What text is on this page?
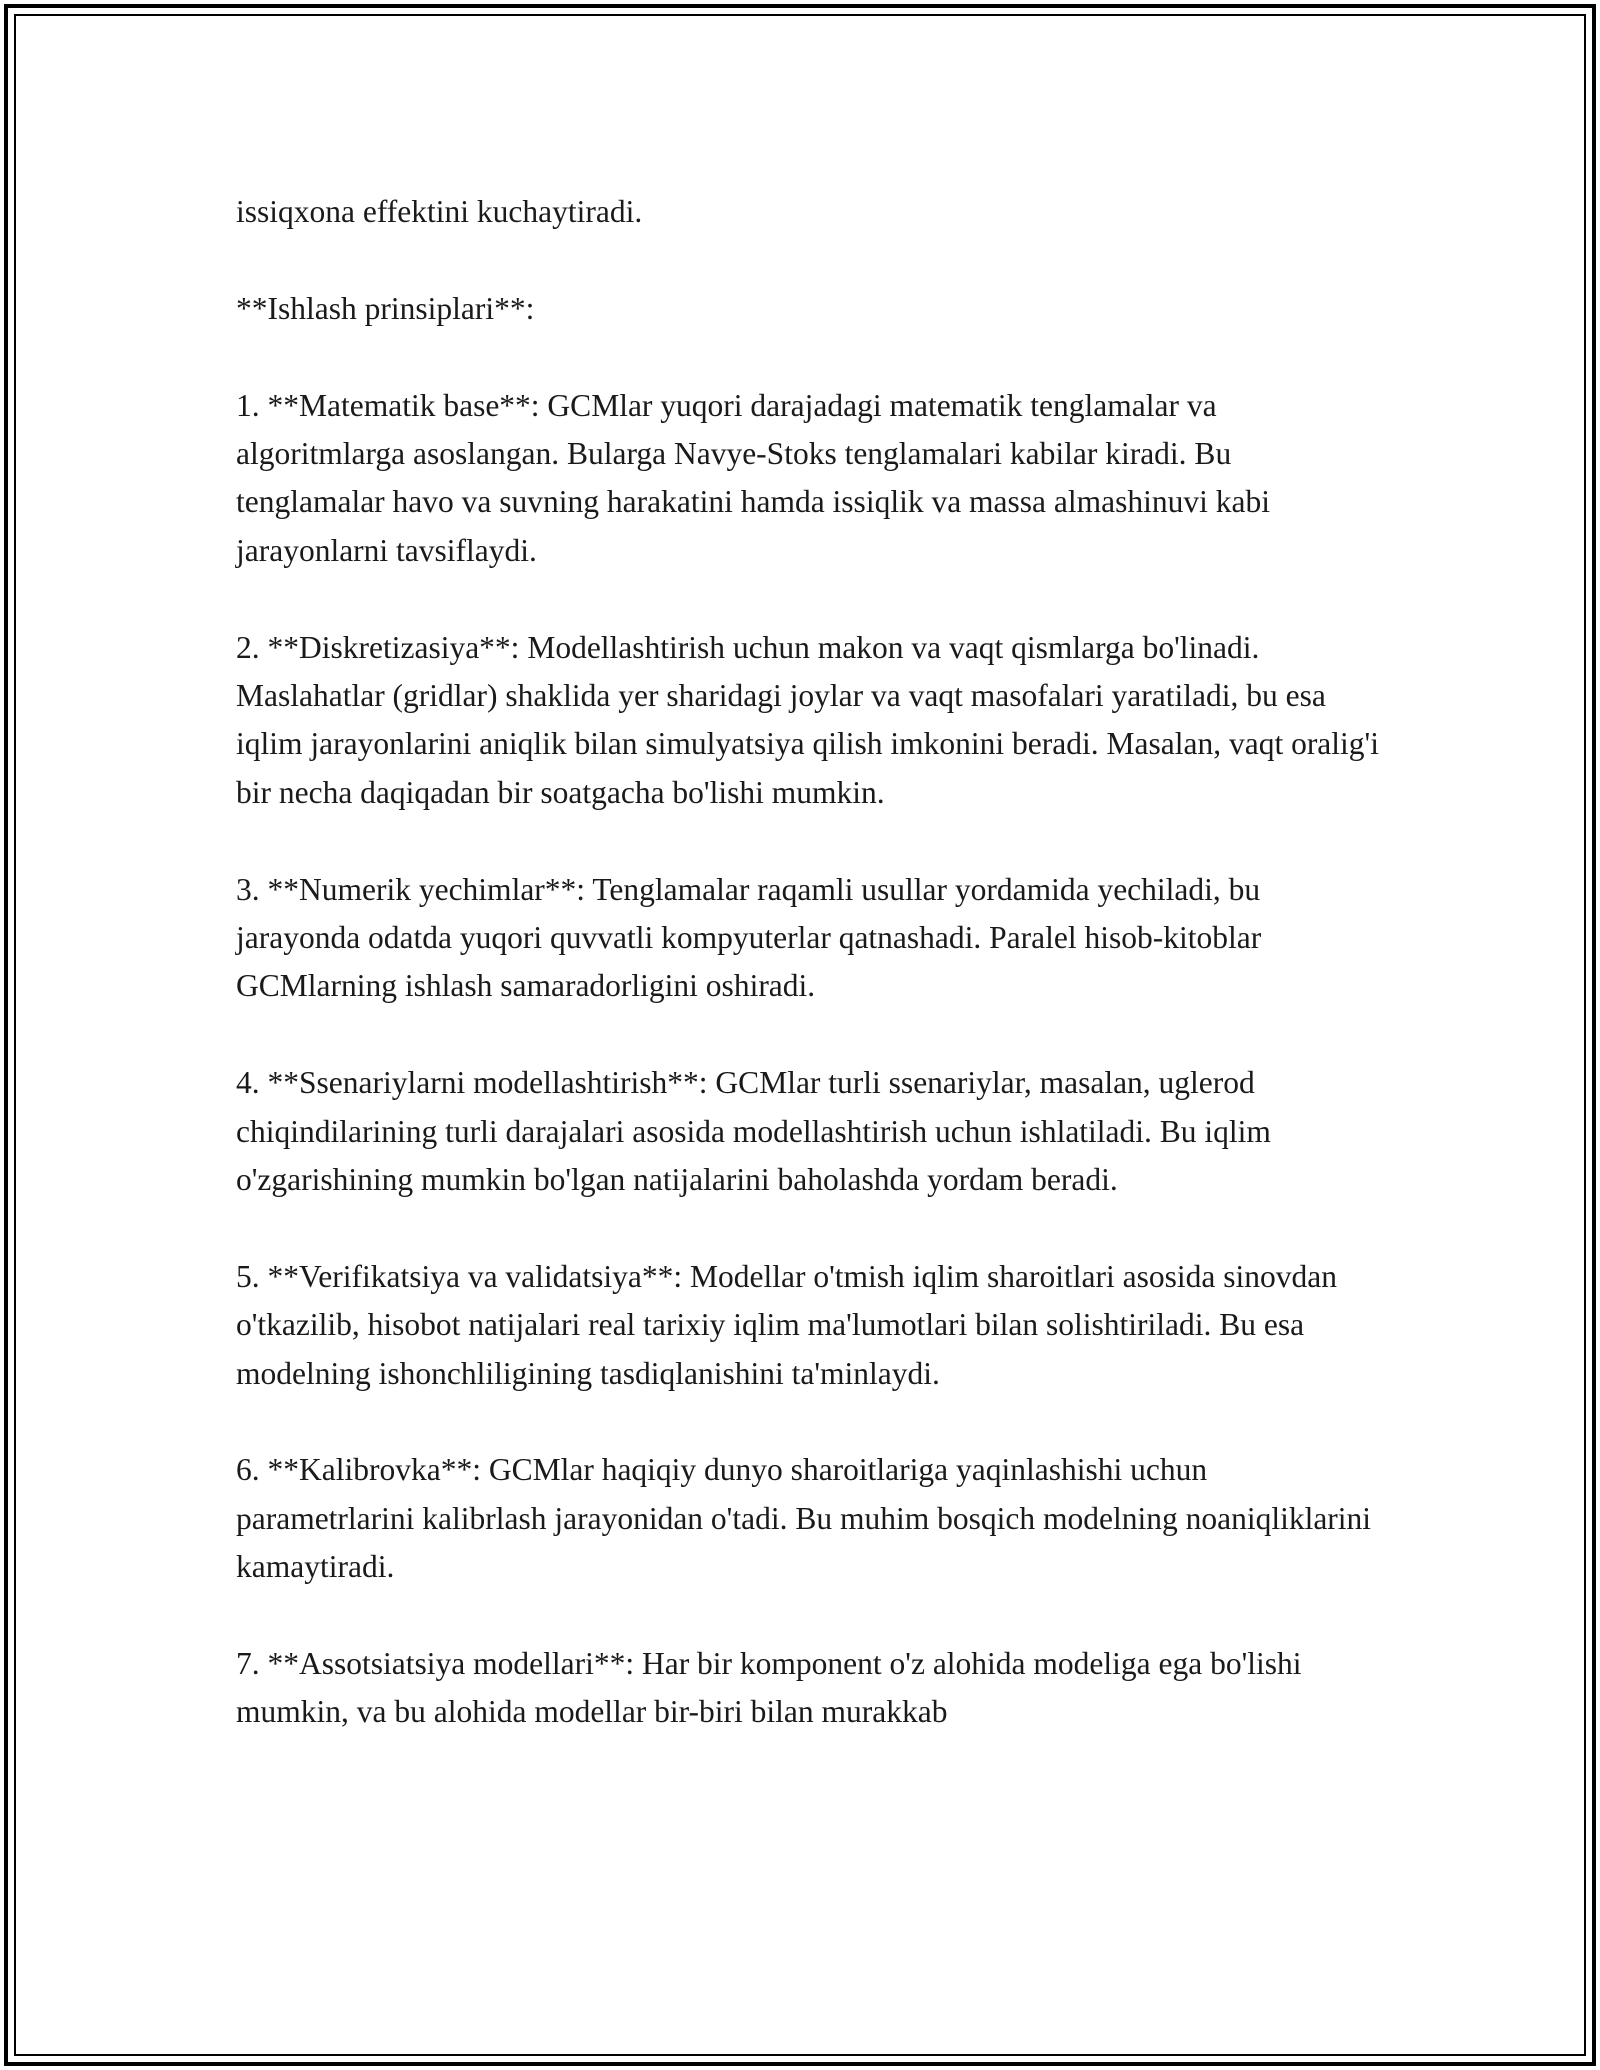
issiqxona effektini kuchaytiradi.

**Ishlash prinsiplari**:

1. **Matematik base**: GCMlar yuqori darajadagi matematik tenglamalar va algoritmlarga asoslangan. Bularga Navye-Stoks tenglamalari kabilar kiradi. Bu tenglamalar havo va suvning harakatini hamda issiqlik va massa almashinuvi kabi jarayonlarni tavsiflaydi.

2. **Diskretizasiya**: Modellashtirish uchun makon va vaqt qismlarga bo'linadi. Maslahatlar (gridlar) shaklida yer sharidagi joylar va vaqt masofalari yaratiladi, bu esa iqlim jarayonlarini aniqlik bilan simulyatsiya qilish imkonini beradi. Masalan, vaqt oralig'i bir necha daqiqadan bir soatgacha bo'lishi mumkin.

3. **Numerik yechimlar**: Tenglamalar raqamli usullar yordamida yechiladi, bu jarayonda odatda yuqori quvvatli kompyuterlar qatnashadi. Paralel hisob-kitoblar GCMlarning ishlash samaradorligini oshiradi.

4. **Ssenariylarni modellashtirish**: GCMlar turli ssenariylar, masalan, uglerod chiqindilarining turli darajalari asosida modellashtirish uchun ishlatiladi. Bu iqlim o'zgarishining mumkin bo'lgan natijalarini baholashda yordam beradi.

5. **Verifikatsiya va validatsiya**: Modellar o'tmish iqlim sharoitlari asosida sinovdan o'tkazilib, hisobot natijalari real tarixiy iqlim ma'lumotlari bilan solishtiriladi. Bu esa modelning ishonchliligining tasdiqlanishini ta'minlaydi.

6. **Kalibrovka**: GCMlar haqiqiy dunyo sharoitlariga yaqinlashishi uchun parametrlarini kalibrlash jarayonidan o'tadi. Bu muhim bosqich modelning noaniqliklarini kamaytiradi.

7. **Assotsiatsiya modellari**: Har bir komponent o'z alohida modeliga ega bo'lishi mumkin, va bu alohida modellar bir-biri bilan murakkab
